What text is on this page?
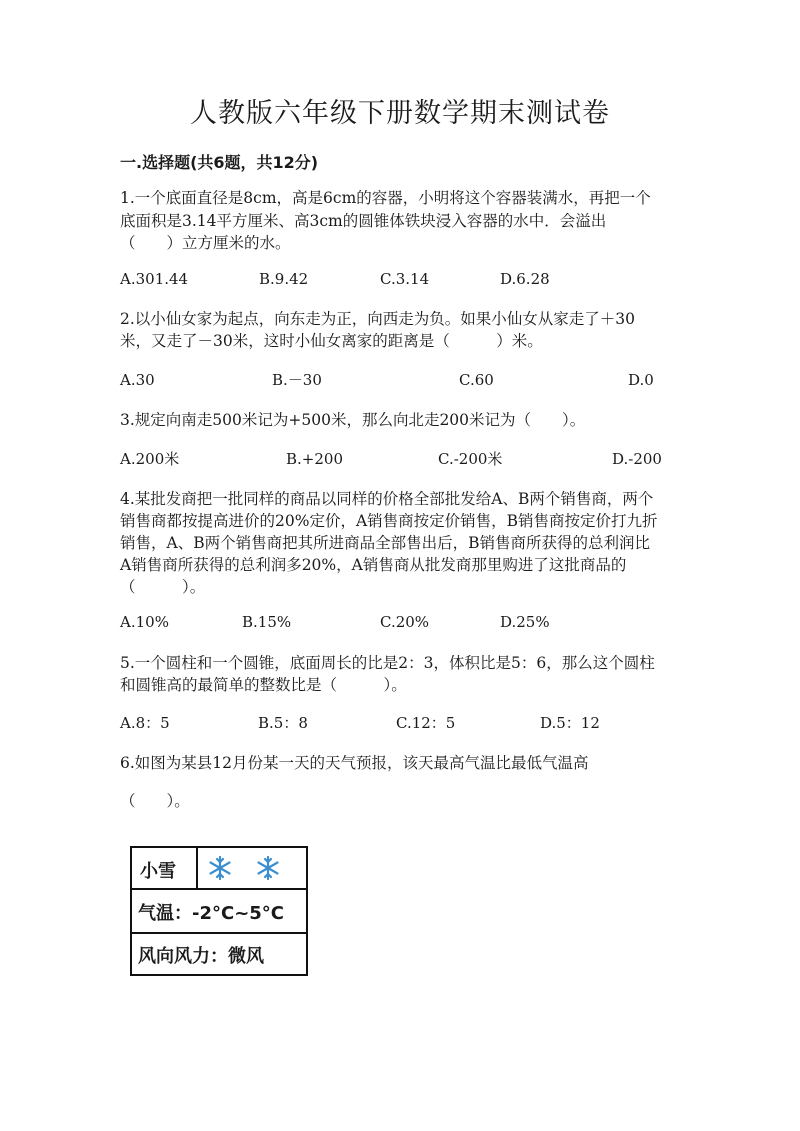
人教版六年级下册数学期末测试卷
一.选择题(共6题，共12分)
1.一个底面直径是8cm，高是6cm的容器，小明将这个容器装满水，再把一个
底面积是3.14平方厘米、高3cm的圆锥体铁块浸入容器的水中．会溢出
（　　）立方厘米的水。
A.301.44	B.9.42	C.3.14	D.6.28
2.以小仙女家为起点，向东走为正，向西走为负。如果小仙女从家走了＋30
米，又走了－30米，这时小仙女离家的距离是（　　　）米。
A.30	B.－30	C.60	D.0
3.规定向南走500米记为+500米，那么向北走200米记为（　　）。
A.200米	B.+200	C.-200米	D.-200
4.某批发商把一批同样的商品以同样的价格全部批发给A、B两个销售商，两个
销售商都按提高进价的20%定价，A销售商按定价销售，B销售商按定价打九折
销售，A、B两个销售商把其所进商品全部售出后，B销售商所获得的总利润比
A销售商所获得的总利润多20%，A销售商从批发商那里购进了这批商品的
（　　　）。
A.10%	B.15%	C.20%	D.25%
5.一个圆柱和一个圆锥，底面周长的比是2：3，体积比是5：6，那么这个圆柱
和圆锥高的最简单的整数比是（　　　）。
A.8：5	B.5：8	C.12：5	D.5：12
6.如图为某县12月份某一天的天气预报，该天最高气温比最低气温高
（　　）。
小雪
气温：-2°C~5°C
风向风力：微风
